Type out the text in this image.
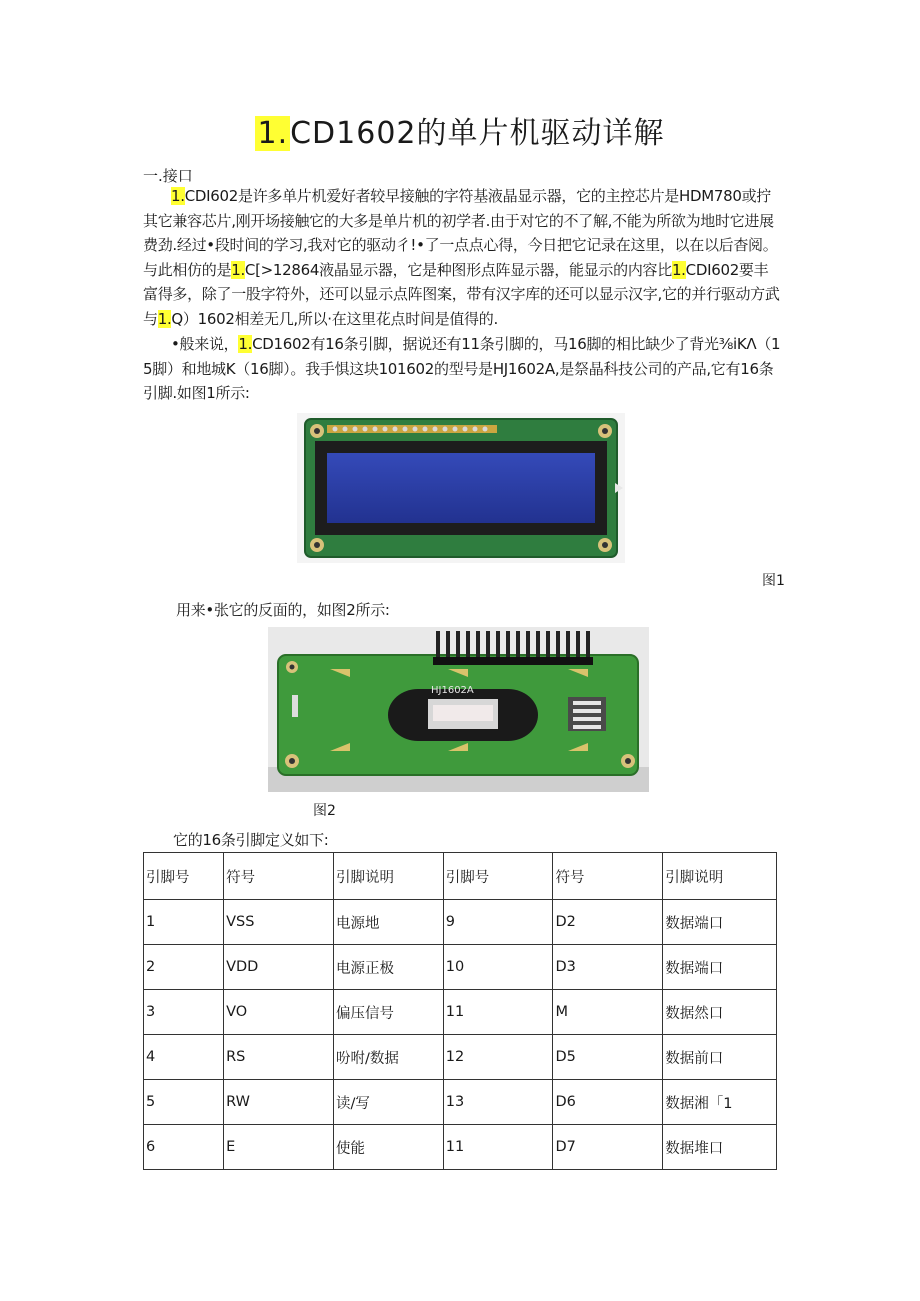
1.CD1602的单片机驱动详解
一.接口
1.CDI602是许多单片机爱好者较早接触的字符基液晶显示器，它的主控芯片是HDM780或拧其它兼容芯片,刚开场接触它的大多是单片机的初学者.由于对它的不了解,不能为所欲为地时它进展费劲.经过•段时间的学习,我对它的驱动彳!•了一点点心得，今日把它记录在这里，以在以后杳阅。与此相仿的是1.C[>12864液晶显示器，它是种图形点阵显示器，能显示的内容比1.CDI602要丰富得多，除了一股字符外，还可以显示点阵图案，带有汉字库的还可以显示汉字,它的并行驱动方武与1.Q）1602相差无几,所以·在这里花点时间是值得的.
•般来说，1.CD1602有16条引脚，据说还有11条引脚的，马16脚的相比缺少了背光⅜iKΛ（15脚）和地城K（16脚）。我手惧这块101602的型号是HJ1602A,是祭晶科技公司的产品,它有16条引脚.如图1所示:
图1
用来•张它的反面的，如图2所示:
HJ1602A
图2
它的16条引脚定义如下:
引脚号	符号	引脚说明	引脚号	符号	引脚说明
1	VSS	电源地	9	D2	数据端口
2	VDD	电源正极	10	D3	数据端口
3	VO	偏压信号	11	M	数据然口
4	RS	吩咐/数据	12	D5	数据前口
5	RW	读/写	13	D6	数据湘「1
6	E	使能	11	D7	数据堆口
